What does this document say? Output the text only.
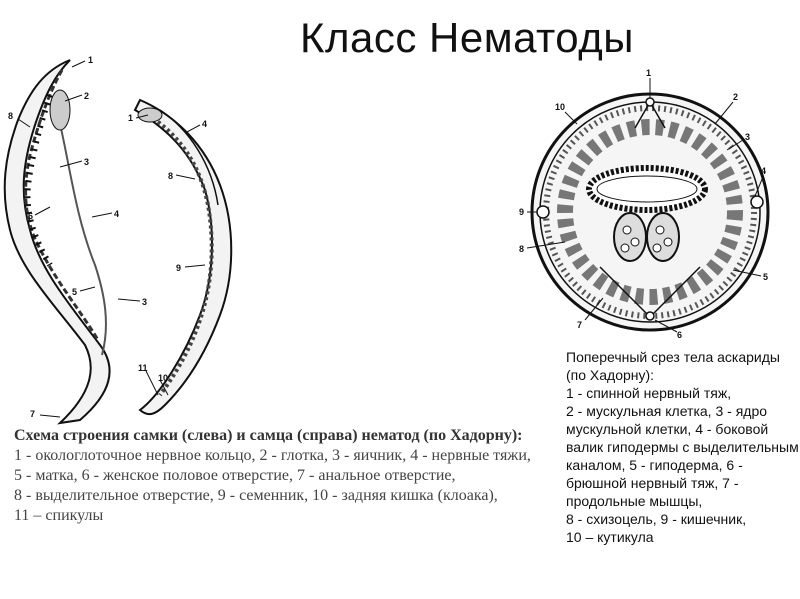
Класс Нематоды
1
2
8
3
6	4
5
3
7
1
4
8
9
11
10
1
10
2
3
4
9
8
5
7
6

Схема строения самки (слева) и самца (справа) нематод (по Хадорну):

1 - окологлоточное нервное кольцо, 2 - глотка, 3 - яичник, 4 - нервные тяжи,

5 - матка, 6 - женское половое отверстие, 7 - анальное отверстие,

8 - выделительное отверстие, 9 - семенник, 10 - задняя кишка (клоака),

11 – спикулы

Поперечный срез тела аскариды (по Хадорну):

1 - спинной нервный тяж,

2 - мускульная клетка, 3 - ядро мускульной клетки, 4 - боковой валик гиподермы с выделительным каналом, 5 - гиподерма, 6 - брюшной нервный тяж, 7 - продольные мышцы,

8 - схизоцель, 9 - кишечник,

10 – кутикула
